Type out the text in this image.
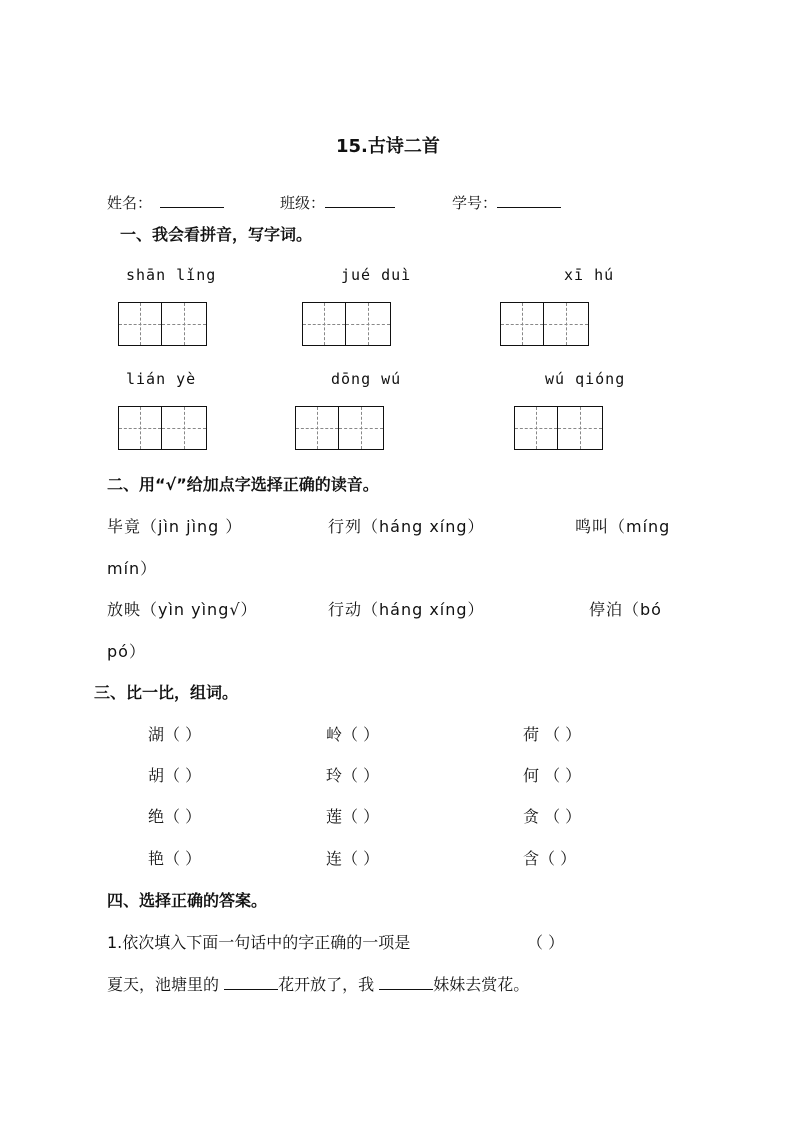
15.古诗二首
姓名：	班级：	学号：
一、我会看拼音，写字词。
shān lǐng	jué duì	xī hú
lián yè	dōng wú	wú qióng
二、用“√”给加点字选择正确的读音。
毕竟（jìn jìng ）	行列（háng xíng）	鸣叫（míng
mín）
放映（yìn yìng√）	行动（háng xíng）	停泊（bó
pó）
三、比一比，组词。
湖（ ）	岭（ ）	荷 （ ）
胡（ ）	玲（ ）	何 （ ）
绝（ ）	莲（ ）	贪 （ ）
艳（ ）	连（ ）	含（ ）
四、选择正确的答案。
1.依次填入下面一句话中的字正确的一项是	（ ）
夏天，池塘里的	花开放了，我	妹妹去赏花。
